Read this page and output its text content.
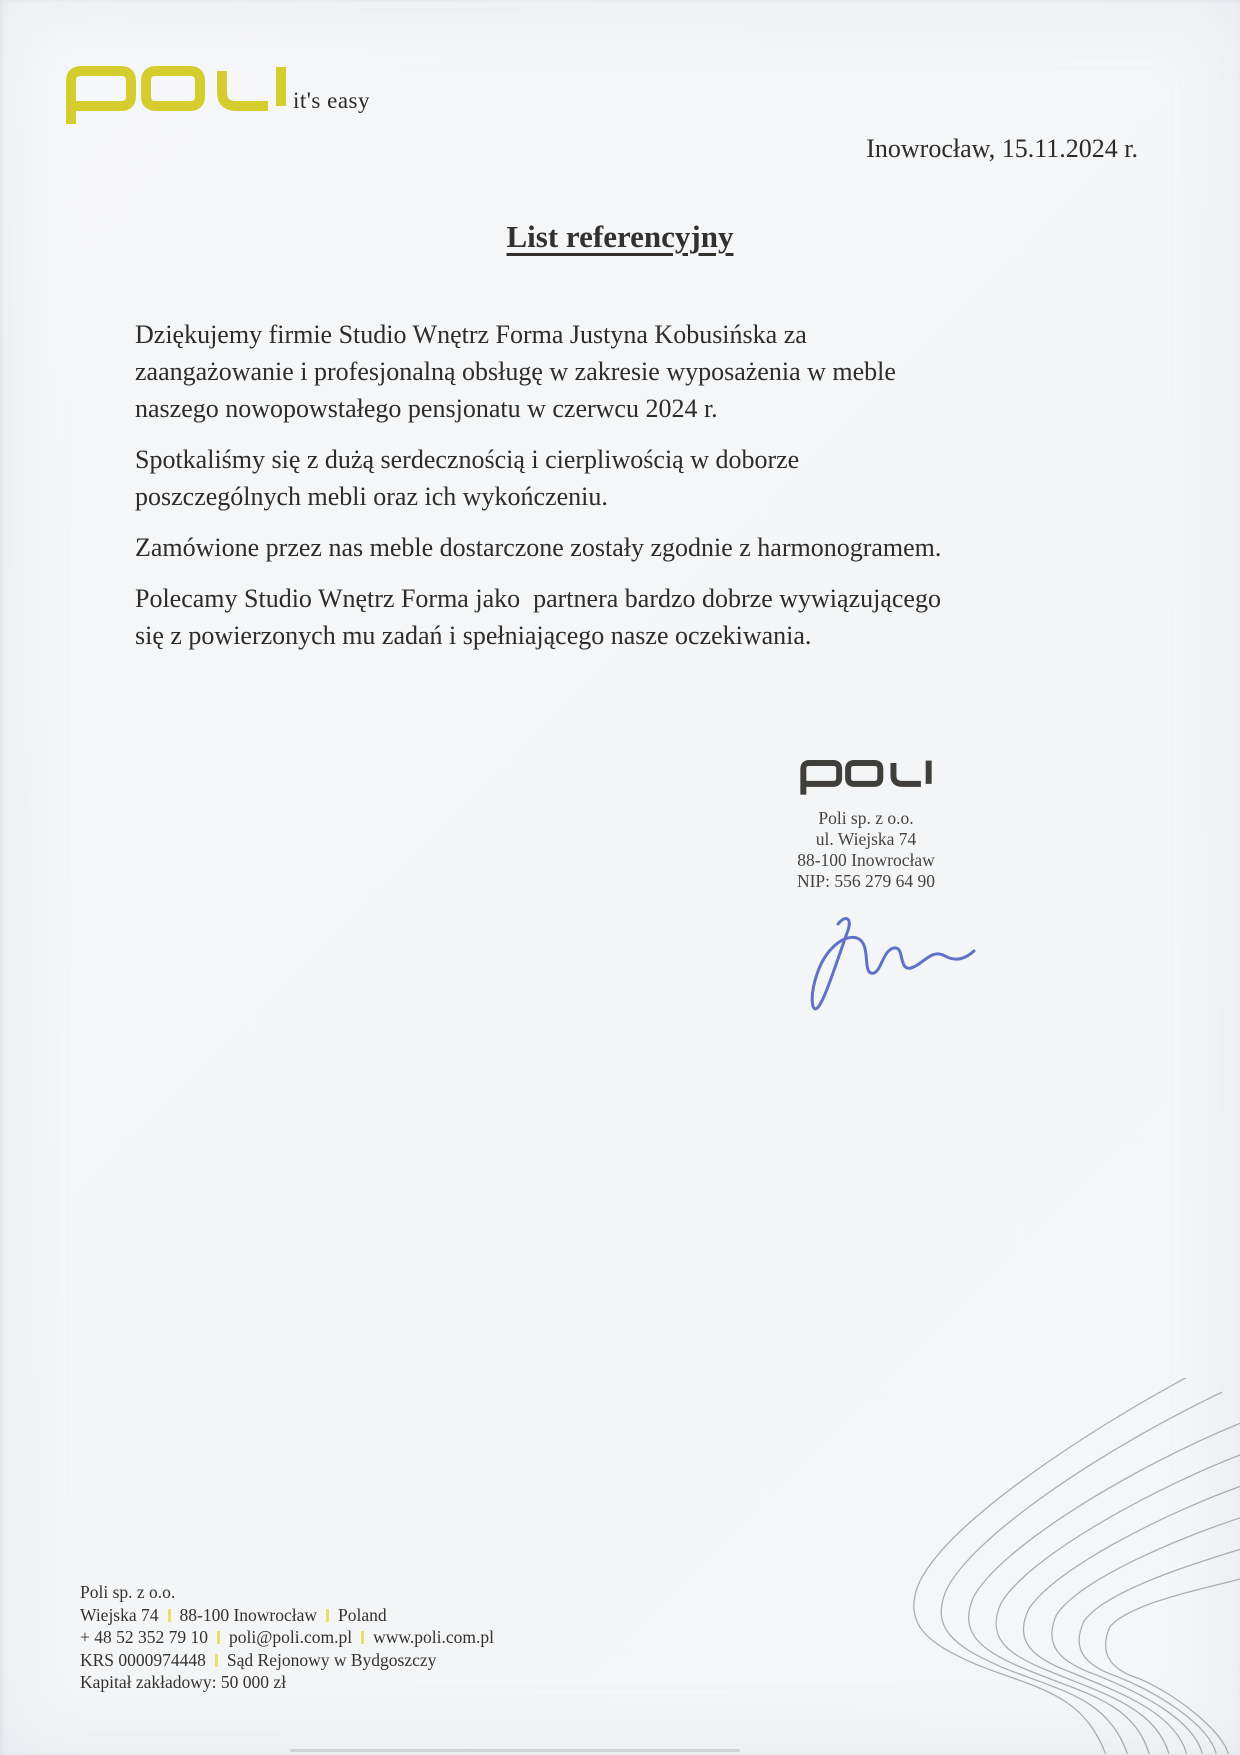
it's easy
Inowrocław, 15.11.2024 r.
List referencyjny
Dziękujemy firmie Studio Wnętrz Forma Justyna Kobusińska za
zaangażowanie i profesjonalną obsługę w zakresie wyposażenia w meble
naszego nowopowstałego pensjonatu w czerwcu 2024 r.
Spotkaliśmy się z dużą serdecznością i cierpliwością w doborze
poszczególnych mebli oraz ich wykończeniu.
Zamówione przez nas meble dostarczone zostały zgodnie z harmonogramem.
Polecamy Studio Wnętrz Forma jako  partnera bardzo dobrze wywiązującego
się z powierzonych mu zadań i spełniającego nasze oczekiwania.
Poli sp. z o.o.
ul. Wiejska 74
88-100 Inowrocław
NIP: 556 279 64 90
Poli sp. z o.o.
Wiejska 74 88-100 Inowrocław Poland
+ 48 52 352 79 10 poli@poli.com.pl www.poli.com.pl
KRS 0000974448 Sąd Rejonowy w Bydgoszczy
Kapitał zakładowy: 50 000 zł
